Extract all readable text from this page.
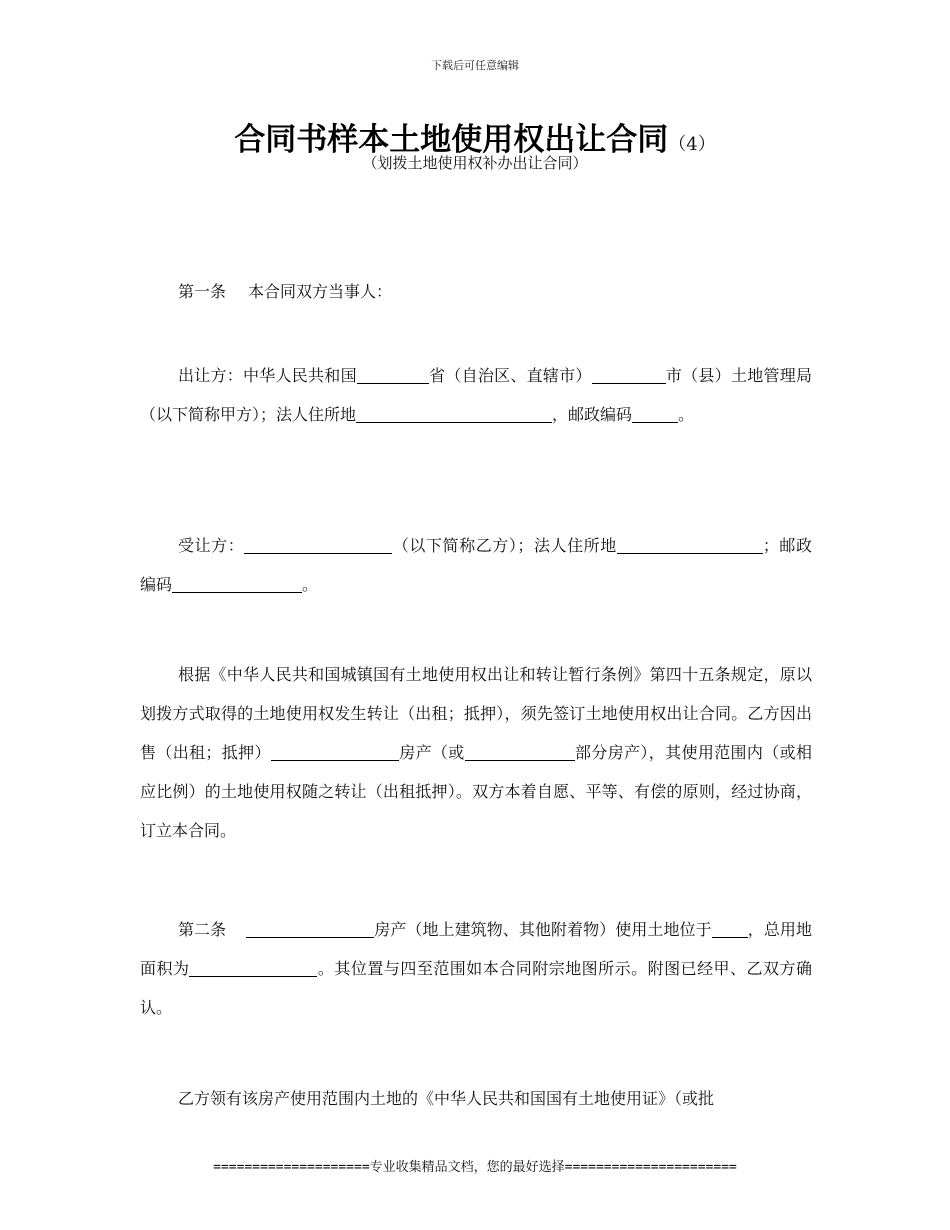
下载后可任意编辑
合同书样本土地使用权出让合同（4）
（划拨土地使用权补办出让合同）

第一条 本合同双方当事人：

出让方：中华人民共和国	省（自治区、直辖市）	市（县）土地管理局（以下简称甲方）；法人住所地	，邮政编码	。

受让方：	（以下简称乙方）；法人住所地	；邮政编码	。

根据《中华人民共和国城镇国有土地使用权出让和转让暂行条例》第四十五条规定，原以划拨方式取得的土地使用权发生转让（出租；抵押），须先签订土地使用权出让合同。乙方因出售（出租；抵押）	房产（或	部分房产），其使用范围内（或相应比例）的土地使用权随之转让（出租抵押）。双方本着自愿、平等、有偿的原则，经过协商，订立本合同。

第二条	房产（地上建筑物、其他附着物）使用土地位于 ，总用地面积为	。其位置与四至范围如本合同附宗地图所示。附图已经甲、乙双方确认。

乙方领有该房产使用范围内土地的《中华人民共和国国有土地使用证》（或批

====================专业收集精品文档，您的最好选择======================
